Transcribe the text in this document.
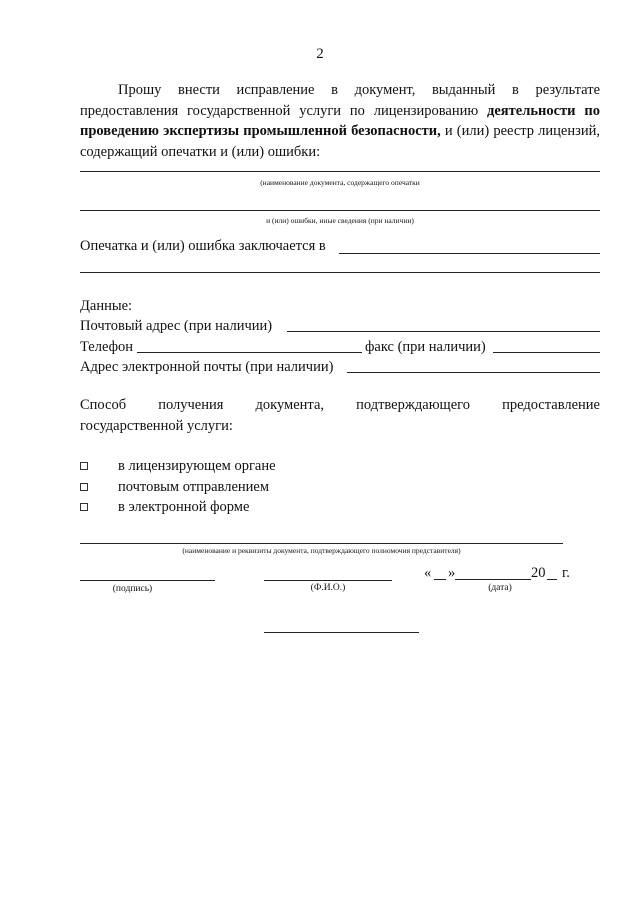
2
Прошу внести исправление в документ, выданный в результате предоставления государственной услуги по лицензированию деятельности по проведению экспертизы промышленной безопасности, и (или) реестр лицензий, содержащий опечатки и (или) ошибки:
(наименование документа, содержащего опечатки
и (или) ошибки, иные сведения (при наличии)
Опечатка и (или) ошибка заключается в
Данные:
Почтовый адрес (при наличии)
Телефон	факс (при наличии)
Адрес электронной почты (при наличии)
Способ получения документа, подтверждающего предоставление
государственной услуги:
в лицензирующем органе
почтовым отправлением
в электронной форме
(наименование и реквизиты документа, подтверждающего полномочия представителя)
(подпись)	(Ф.И.О.)
« »	20 г.
(дата)
